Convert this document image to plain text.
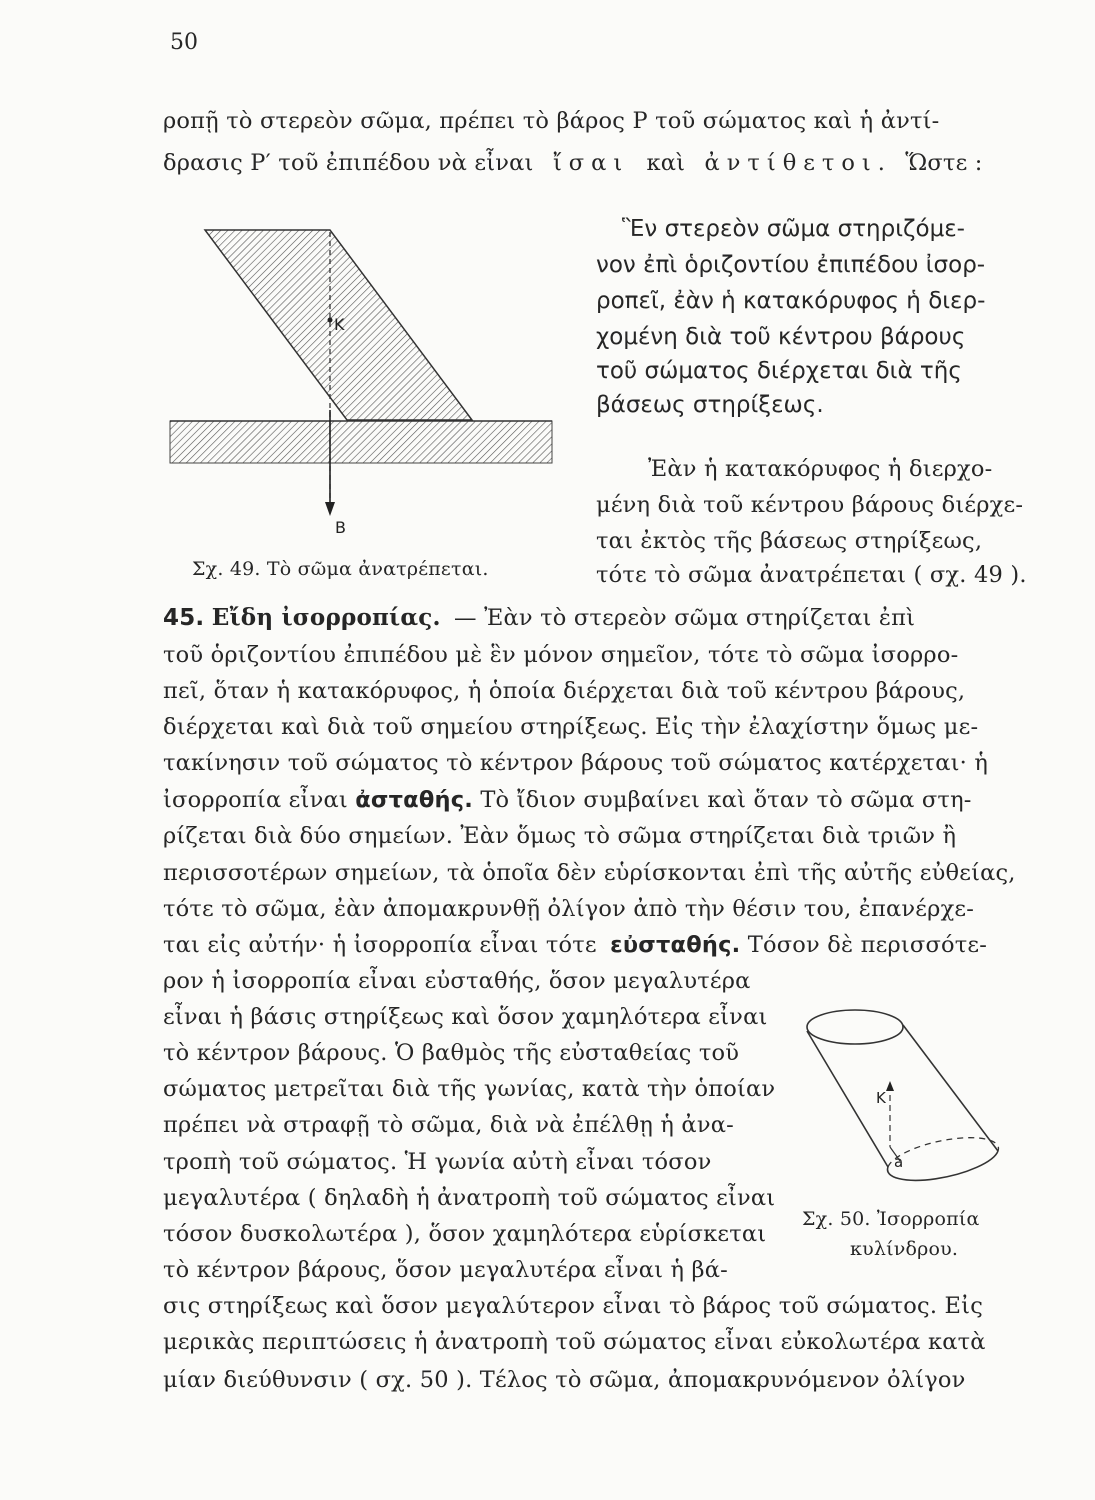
50
ροπῇ τὸ στερεὸν σῶμα, πρέπει τὸ βάρος P τοῦ σώματος καὶ ἡ ἀντί-
δρασις P′ τοῦ ἐπιπέδου νὰ εἶναι ἴσαι καὶ ἀντίθετοι. Ὥστε :
Ἓν στερεὸν σῶμα στηριζόμε-
νον ἐπὶ ὁριζοντίου ἐπιπέδου ἰσορ-
ροπεῖ, ἐὰν ἡ κατακόρυφος ἡ διερ-
χομένη διὰ τοῦ κέντρου βάρους
τοῦ σώματος διέρχεται διὰ τῆς
βάσεως στηρίξεως.
Ἐὰν ἡ κατακόρυφος ἡ διερχο-
μένη διὰ τοῦ κέντρου βάρους διέρχε-
ται ἐκτὸς τῆς βάσεως στηρίξεως,
τότε τὸ σῶμα ἀνατρέπεται ( σχ. 49 ).
K
B
Σχ. 49. Τὸ σῶμα ἀνατρέπεται.
45. Εἴδη ἰσορροπίας. — Ἐὰν τὸ στερεὸν σῶμα στηρίζεται ἐπὶ
τοῦ ὁριζοντίου ἐπιπέδου μὲ ἓν μόνον σημεῖον, τότε τὸ σῶμα ἰσορρο-
πεῖ, ὅταν ἡ κατακόρυφος, ἡ ὁποία διέρχεται διὰ τοῦ κέντρου βάρους,
διέρχεται καὶ διὰ τοῦ σημείου στηρίξεως. Εἰς τὴν ἐλαχίστην ὅμως με-
τακίνησιν τοῦ σώματος τὸ κέντρον βάρους τοῦ σώματος κατέρχεται· ἡ
ἰσορροπία εἶναι ἀσταθής. Τὸ ἴδιον συμβαίνει καὶ ὅταν τὸ σῶμα στη-
ρίζεται διὰ δύο σημείων. Ἐὰν ὅμως τὸ σῶμα στηρίζεται διὰ τριῶν ἢ
περισσοτέρων σημείων, τὰ ὁποῖα δὲν εὑρίσκονται ἐπὶ τῆς αὐτῆς εὐθείας,
τότε τὸ σῶμα, ἐὰν ἀπομακρυνθῇ ὀλίγον ἀπὸ τὴν θέσιν του, ἐπανέρχε-
ται εἰς αὐτήν· ἡ ἰσορροπία εἶναι τότε εὐσταθής. Τόσον δὲ περισσότε-
ρον ἡ ἰσορροπία εἶναι εὐσταθής, ὅσον μεγαλυτέρα
εἶναι ἡ βάσις στηρίξεως καὶ ὅσον χαμηλότερα εἶναι
τὸ κέντρον βάρους. Ὁ βαθμὸς τῆς εὐσταθείας τοῦ
σώματος μετρεῖται διὰ τῆς γωνίας, κατὰ τὴν ὁποίαν
πρέπει νὰ στραφῇ τὸ σῶμα, διὰ νὰ ἐπέλθῃ ἡ ἀνα-
τροπὴ τοῦ σώματος. Ἡ γωνία αὐτὴ εἶναι τόσον
μεγαλυτέρα ( δηλαδὴ ἡ ἀνατροπὴ τοῦ σώματος εἶναι
τόσον δυσκολωτέρα ), ὅσον χαμηλότερα εὑρίσκεται
τὸ κέντρον βάρους, ὅσον μεγαλυτέρα εἶναι ἡ βά-
σις στηρίξεως καὶ ὅσον μεγαλύτερον εἶναι τὸ βάρος τοῦ σώματος. Εἰς
μερικὰς περιπτώσεις ἡ ἀνατροπὴ τοῦ σώματος εἶναι εὐκολωτέρα κατὰ
μίαν διεύθυνσιν ( σχ. 50 ). Τέλος τὸ σῶμα, ἀπομακρυνόμενον ὀλίγον
K
a
Σχ. 50. Ἰσορροπία
κυλίνδρου.
